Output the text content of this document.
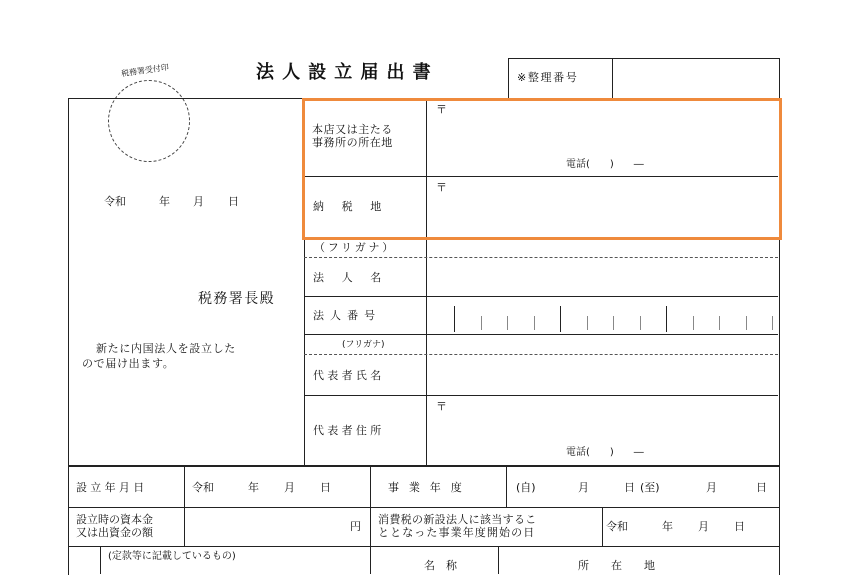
税務署受付印	法人設立届出書	※整理番号
令和	年 月 日
税務署長殿
新たに内国法人を設立した
ので届け出ます。
本店又は主たる
事務所の所在地
〒
電話(　　)　　―
納　税　地
〒
（フリガナ）
法　人　名
法人番号
(フリガナ)
代表者氏名
代表者住所
〒
電話(　　)　　―
設立年月日	令和	年 月 日	事業年度	(自)	月	日 (至)	月	日
設立時の資本金
又は出資金の額	円
消費税の新設法人に該当するこ
ととなった事業年度開始の日	令和	年 月 日
(定款等に記載しているもの)
名　称	所　　在　　地
